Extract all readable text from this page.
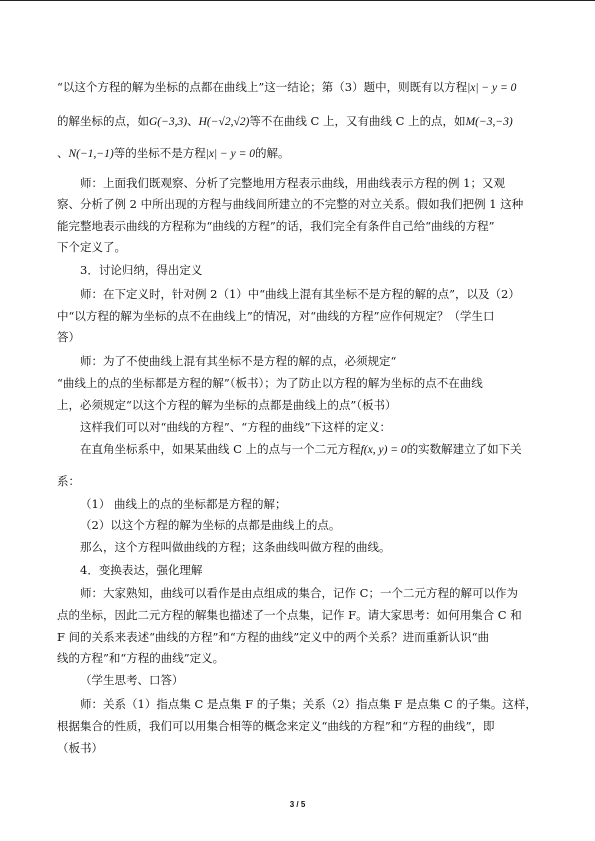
“以这个方程的解为坐标的点都在曲线上”这一结论；第（3）题中，则既有以方程|x| − y = 0
的解坐标的点，如G(−3,3)、H(−√2,√2)等不在曲线 C 上，又有曲线 C 上的点，如M(−3,−3)
、N(−1,−1)等的坐标不是方程|x| − y = 0的解。
师：上面我们既观察、分析了完整地用方程表示曲线，用曲线表示方程的例 1；又观
察、分析了例 2 中所出现的方程与曲线间所建立的不完整的对立关系。假如我们把例 1 这种
能完整地表示曲线的方程称为“曲线的方程”的话，我们完全有条件自己给“曲线的方程”
下个定义了。
3．讨论归纳，得出定义
师：在下定义时，针对例 2（1）中“曲线上混有其坐标不是方程的解的点”，以及（2）
中“以方程的解为坐标的点不在曲线上”的情况，对“曲线的方程”应作何规定？（学生口
答）
师：为了不使曲线上混有其坐标不是方程的解的点，必须规定“
“曲线上的点的坐标都是方程的解”（板书）；为了防止以方程的解为坐标的点不在曲线
上，必须规定“以这个方程的解为坐标的点都是曲线上的点”（板书）
这样我们可以对“曲线的方程”、“方程的曲线”下这样的定义：
在直角坐标系中，如果某曲线 C 上的点与一个二元方程f(x, y) = 0的实数解建立了如下关
系：
（1） 曲线上的点的坐标都是方程的解；
（2）以这个方程的解为坐标的点都是曲线上的点。
那么，这个方程叫做曲线的方程；这条曲线叫做方程的曲线。
4．变换表达，强化理解
师：大家熟知，曲线可以看作是由点组成的集合，记作 C；一个二元方程的解可以作为
点的坐标，因此二元方程的解集也描述了一个点集，记作 F。请大家思考：如何用集合 C 和
F 间的关系来表述“曲线的方程”和“方程的曲线”定义中的两个关系？进而重新认识“曲
线的方程”和“方程的曲线”定义。
（学生思考、口答）
师：关系（1）指点集 C 是点集 F 的子集；关系（2）指点集 F 是点集 C 的子集。这样，
根据集合的性质，我们可以用集合相等的概念来定义“曲线的方程”和“方程的曲线”，即
（板书）
3 / 5
